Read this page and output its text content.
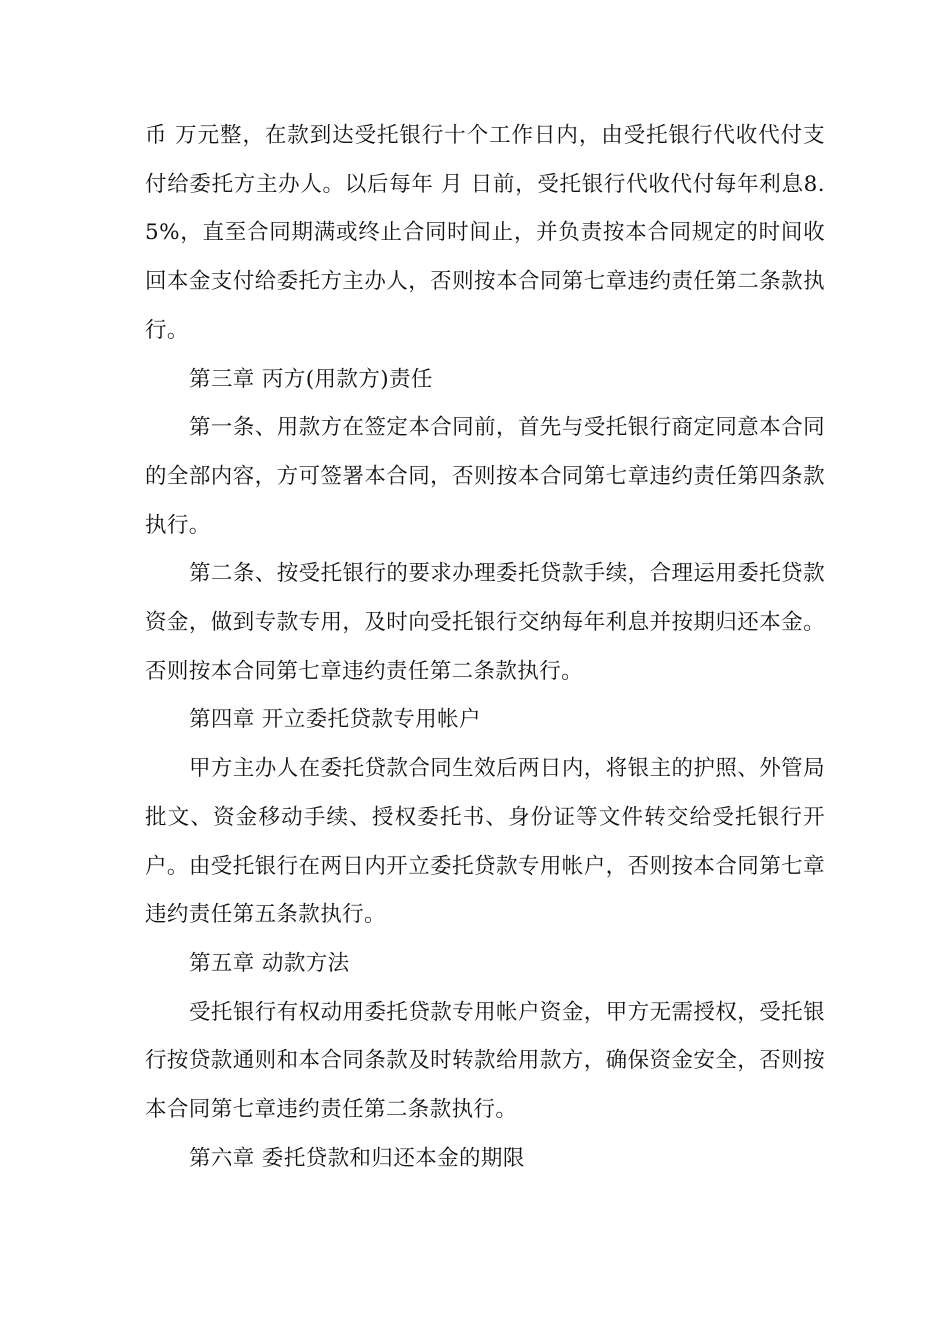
币 万元整，在款到达受托银行十个工作日内，由受托银行代收代付支付给委托方主办人。以后每年 月 日前，受托银行代收代付每年利息8.5%，直至合同期满或终止合同时间止，并负责按本合同规定的时间收回本金支付给委托方主办人，否则按本合同第七章违约责任第二条款执行。

第三章 丙方(用款方)责任

第一条、用款方在签定本合同前，首先与受托银行商定同意本合同的全部内容，方可签署本合同，否则按本合同第七章违约责任第四条款执行。

第二条、按受托银行的要求办理委托贷款手续，合理运用委托贷款资金，做到专款专用，及时向受托银行交纳每年利息并按期归还本金。否则按本合同第七章违约责任第二条款执行。

第四章 开立委托贷款专用帐户

甲方主办人在委托贷款合同生效后两日内，将银主的护照、外管局批文、资金移动手续、授权委托书、身份证等文件转交给受托银行开户。由受托银行在两日内开立委托贷款专用帐户，否则按本合同第七章违约责任第五条款执行。

第五章 动款方法

受托银行有权动用委托贷款专用帐户资金，甲方无需授权，受托银行按贷款通则和本合同条款及时转款给用款方，确保资金安全，否则按本合同第七章违约责任第二条款执行。

第六章 委托贷款和归还本金的期限
